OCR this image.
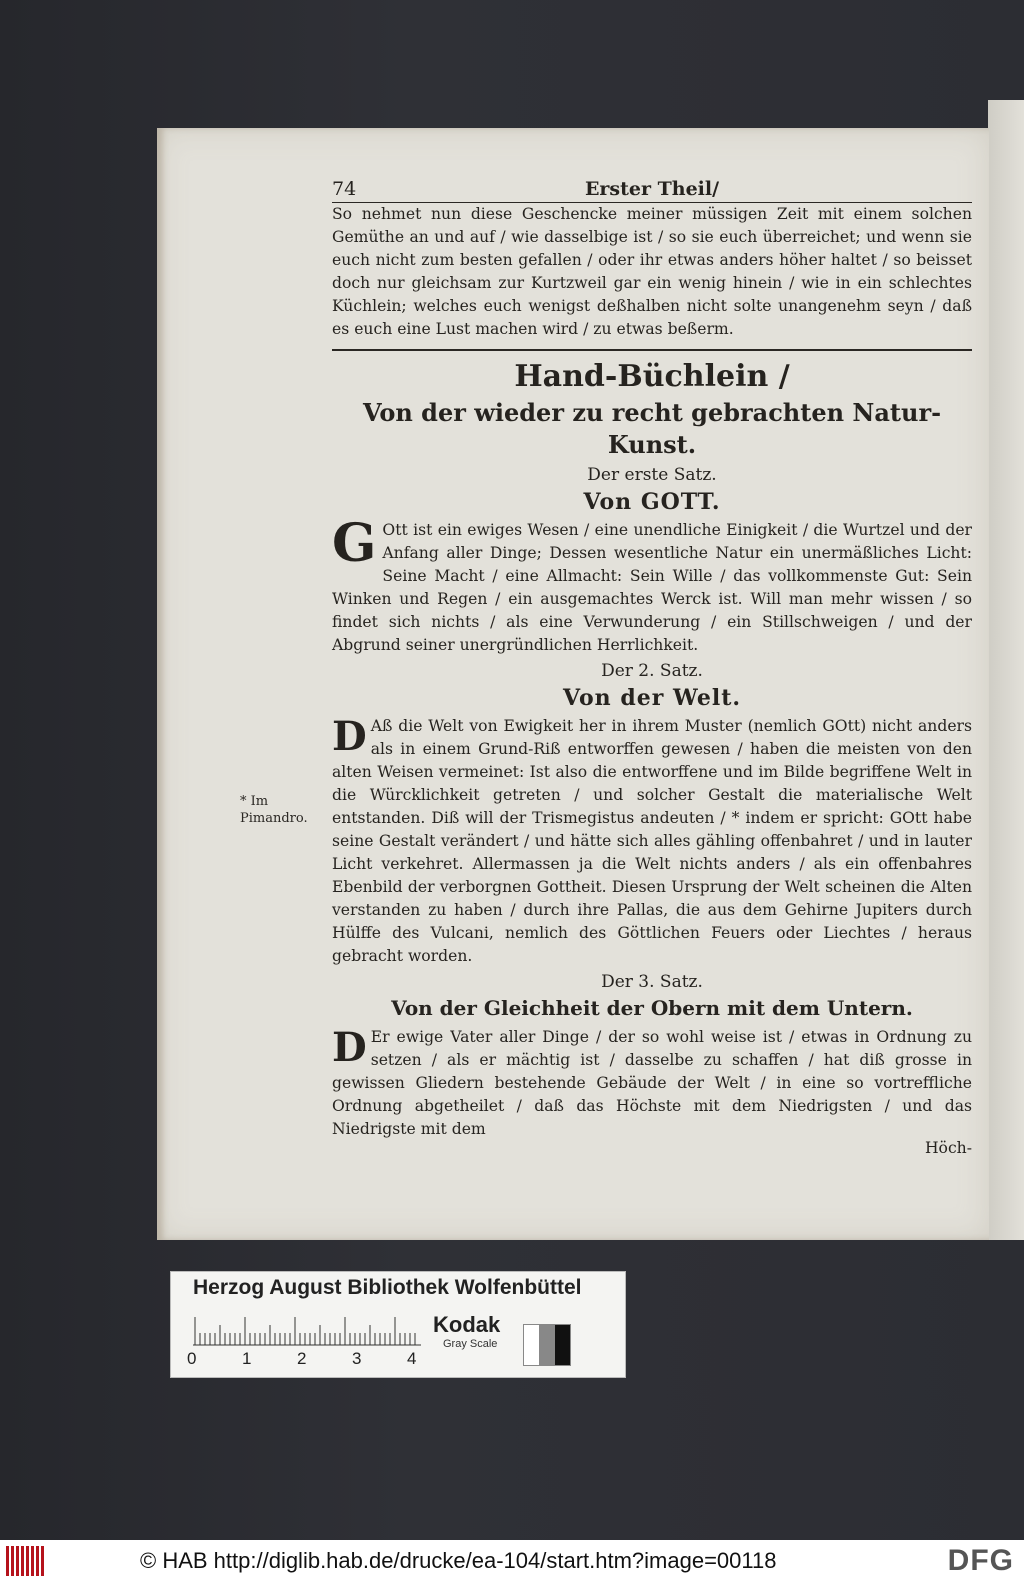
74	Erster Theil/

So nehmet nun diese Geschencke meiner müssigen Zeit mit einem solchen Gemüthe an und auf / wie dasselbige ist / so sie euch überreichet; und wenn sie euch nicht zum besten gefallen / oder ihr etwas anders höher haltet / so beisset doch nur gleichsam zur Kurtzweil gar ein wenig hinein / wie in ein schlechtes Küchlein; welches euch wenigst deßhalben nicht solte unangenehm seyn / daß es euch eine Lust machen wird / zu etwas beßerm.

Hand-Büchlein /
Von der wieder zu recht gebrachten Natur-Kunst.
Der erste Satz.
Von GOTT.

G Ott ist ein ewiges Wesen / eine unendliche Einigkeit / die Wurtzel und der Anfang aller Dinge; Dessen wesentliche Natur ein unermäßliches Licht: Seine Macht / eine Allmacht: Sein Wille / das vollkommenste Gut: Sein Winken und Regen / ein ausgemachtes Werck ist. Will man mehr wissen / so findet sich nichts / als eine Verwunderung / ein Stillschweigen / und der Abgrund seiner unergründlichen Herrlichkeit.

Der 2. Satz.
Von der Welt.

D Aß die Welt von Ewigkeit her in ihrem Muster (nemlich GOtt) nicht anders als in einem Grund-Riß entworffen gewesen / haben die meisten von den alten Weisen vermeinet: Ist also die entworffene und im Bilde begriffene Welt in die Würcklichkeit getreten / und solcher Gestalt die materialische Welt entstanden. Diß will der Trismegistus andeuten / * indem er spricht: GOtt habe seine Gestalt verändert / und hätte sich alles gähling offenbahret / und in lauter Licht verkehret. Allermassen ja die Welt nichts anders / als ein offenbahres Ebenbild der verborgnen Gottheit. Diesen Ursprung der Welt scheinen die Alten verstanden zu haben / durch ihre Pallas, die aus dem Gehirne Jupiters durch Hülffe des Vulcani, nemlich des Göttlichen Feuers oder Liechtes / heraus gebracht worden.

Der 3. Satz.
Von der Gleichheit der Obern mit dem Untern.

D Er ewige Vater aller Dinge / der so wohl weise ist / etwas in Ordnung zu setzen / als er mächtig ist / dasselbe zu schaffen / hat diß grosse in gewissen Gliedern bestehende Gebäude der Welt / in eine so vortreffliche Ordnung abgetheilet / daß das Höchste mit dem Niedrigsten / und das Niedrigste mit dem

Höch-
* Im Pimandro.
Herzog August Bibliothek Wolfenbüttel
0	1	2	3	4
Kodak
Gray Scale
© HAB http://diglib.hab.de/drucke/ea-104/start.htm?image=00118	DFG
